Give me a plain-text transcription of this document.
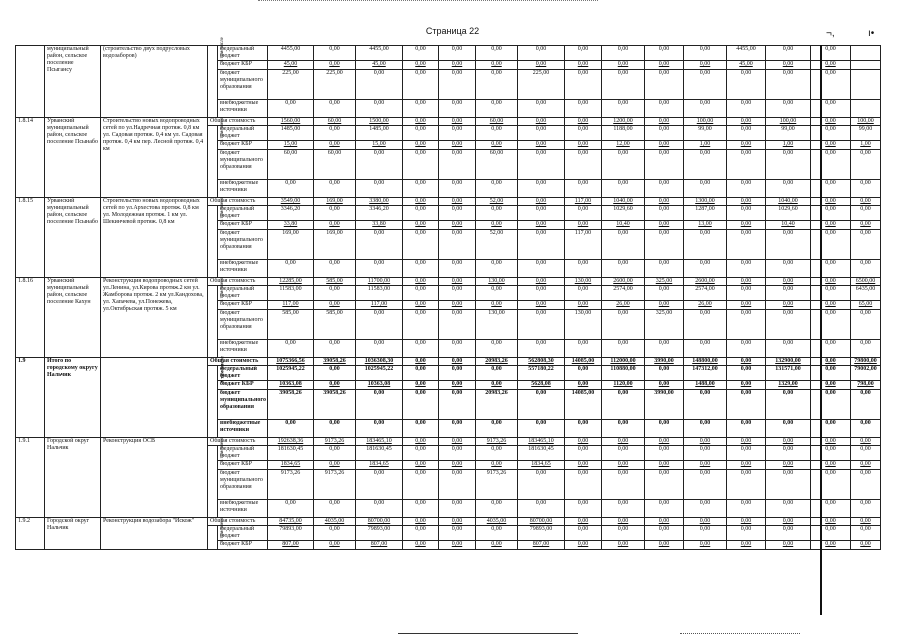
Страница 22	¬,	ı•
	муниципальный район, сельское поселение Псыгансу	(строительство двух подрусловых водозаборов)	в том числе	федеральный бюджет	4455,00	0,00	4455,00	0,00	0,00	0,00	0,00	0,00	0,00	0,00	0,00	4455,00	0,00	0,00	
				бюджет КБР	45,00	0,00	45,00	0,00	0,00	0,00	0,00	0,00	0,00	0,00	0,00	45,00	0,00	0,00	
				бюджет муниципального образования	225,00	225,00	0,00	0,00	0,00	0,00	225,00	0,00	0,00	0,00	0,00	0,00	0,00	0,00	
				внебюджетные источники	0,00	0,00	0,00	0,00	0,00	0,00	0,00	0,00	0,00	0,00	0,00	0,00	0,00	0,00	
1.8.14	Урванский муниципальный район, сельское поселение Псынабо	Строительство новых водопроводных сетей по ул.Надречная протяж. 0,8 км ул. Садовая протяж. 0,4 км ул. Садовая протяж. 0,4 км пер. Лесной протяж. 0,4 км	Общая стоимость		1560,00	60,00	1500,00	0,00	0,00	60,00	0,00	0,00	1200,00	0,00	100,00	0,00	100,00	0,00	100,00
			в том числе	федеральный бюджет	1485,00	0,00	1485,00	0,00	0,00	0,00	0,00	0,00	1188,00	0,00	99,00	0,00	99,00	0,00	99,00
				бюджет КБР	15,00	0,00	15,00	0,00	0,00	0,00	0,00	0,00	12,00	0,00	1,00	0,00	1,00	0,00	1,00
				бюджет муниципального образования	60,00	60,00	0,00	0,00	0,00	60,00	0,00	0,00	0,00	0,00	0,00	0,00	0,00	0,00	0,00
				внебюджетные источники	0,00	0,00	0,00	0,00	0,00	0,00	0,00	0,00	0,00	0,00	0,00	0,00	0,00	0,00	0,00
1.8.15	Урванский муниципальный район, сельское поселение Псынабо	Строительство новых водопроводных сетей по ул.Архестова протяж. 0,8 км ул. Молодежная протяж. 1 км ул. Шекинчевой протяж. 0,8 км	Общая стоимость		3549,00	169,00	3380,00	0,00	0,00	52,00	0,00	117,00	1040,00	0,00	1300,00	0,00	1040,00	0,00	0,00
			в том числе	федеральный бюджет	3346,20	0,00	3346,20	0,00	0,00	0,00	0,00	0,00	1029,60	0,00	1287,00	0,00	1029,60	0,00	0,00
				бюджет КБР	33,80	0,00	33,80	0,00	0,00	0,00	0,00	0,00	10,40	0,00	13,00	0,00	10,40	0,00	0,00
				бюджет муниципального образования	169,00	169,00	0,00	0,00	0,00	52,00	0,00	117,00	0,00	0,00	0,00	0,00	0,00	0,00	0,00
				внебюджетные источники	0,00	0,00	0,00	0,00	0,00	0,00	0,00	0,00	0,00	0,00	0,00	0,00	0,00	0,00	0,00
1.8.16	Урванский муниципальный район, сельское поселение Кахун	Реконструкция водопроводных сетей ул.Ленина, ул.Кирова протяж.2 км ул. Жамборова протяж. 2 км ул.Кандохова, ул. Хапачева, ул.Понежева, ул.Октябрьская протяж. 5 км	Общая стоимость		12285,00	585,00	11700,00	0,00	0,00	130,00	0,00	130,00	2600,00	325,00	2600,00	0,00	0,00	0,00	6500,00
			в том числе	федеральный бюджет	11583,00	0,00	11583,00	0,00	0,00	0,00	0,00	0,00	2574,00	0,00	2574,00	0,00	0,00	0,00	6435,00
				бюджет КБР	117,00	0,00	117,00	0,00	0,00	0,00	0,00	0,00	26,00	0,00	26,00	0,00	0,00	0,00	65,00
				бюджет муниципального образования	585,00	585,00	0,00	0,00	0,00	130,00	0,00	130,00	0,00	325,00	0,00	0,00	0,00	0,00	0,00
				внебюджетные источники	0,00	0,00	0,00	0,00	0,00	0,00	0,00	0,00	0,00	0,00	0,00	0,00	0,00	0,00	0,00
1.9	Итого по городскому округу Нальчик		Общая стоимость		1075366,56	39058,26	1036308,30	0,00	0,00	20983,26	562808,30	14085,00	112000,00	3990,00	148800,00	0,00	132900,00	0,00	79800,00
			в том числе	федеральный бюджет	1025945,22	0,00	1025945,22	0,00	0,00	0,00	557180,22	0,00	110880,00	0,00	147312,00	0,00	131571,00	0,00	79002,00
				бюджет КБР	10363,08	0,00	10363,08	0,00	0,00	0,00	5628,08	0,00	1120,00	0,00	1488,00	0,00	1329,00	0,00	798,00
				бюджет муниципального образования	39058,26	39058,26	0,00	0,00	0,00	20983,26	0,00	14085,00	0,00	3990,00	0,00	0,00	0,00	0,00	0,00
				внебюджетные источники	0,00	0,00	0,00	0,00	0,00	0,00	0,00	0,00	0,00	0,00	0,00	0,00	0,00	0,00	0,00
1.9.1	Городской округ Нальчик	Реконструкция ОСВ	Общая стоимость		192638,36	9173,26	183465,10	0,00	0,00	9173,26	183465,10	0,00	0,00	0,00	0,00	0,00	0,00	0,00	0,00
			в том числе	федеральный бюджет	181630,45	0,00	181630,45	0,00	0,00	0,00	181630,45	0,00	0,00	0,00	0,00	0,00	0,00	0,00	0,00
				бюджет КБР	1834,65	0,00	1834,65	0,00	0,00	0,00	1834,65	0,00	0,00	0,00	0,00	0,00	0,00	0,00	0,00
				бюджет муниципального образования	9173,26	9173,26	0,00	0,00	0,00	9173,26	0,00	0,00	0,00	0,00	0,00	0,00	0,00	0,00	0,00
				внебюджетные источники	0,00	0,00	0,00	0,00	0,00	0,00	0,00	0,00	0,00	0,00	0,00	0,00	0,00	0,00	0,00
1.9.2	Городской округ Нальчик	Реконструкция водозабора "Искож"	Общая стоимость		84735,00	4035,00	80700,00	0,00	0,00	4035,00	80700,00	0,00	0,00	0,00	0,00	0,00	0,00	0,00	0,00
			в том числе	федеральный бюджет	79893,00	0,00	79893,00	0,00	0,00	0,00	79893,00	0,00	0,00	0,00	0,00	0,00	0,00	0,00	0,00
				бюджет КБР	807,00	0,00	807,00	0,00	0,00	0,00	807,00	0,00	0,00	0,00	0,00	0,00	0,00	0,00	0,00
